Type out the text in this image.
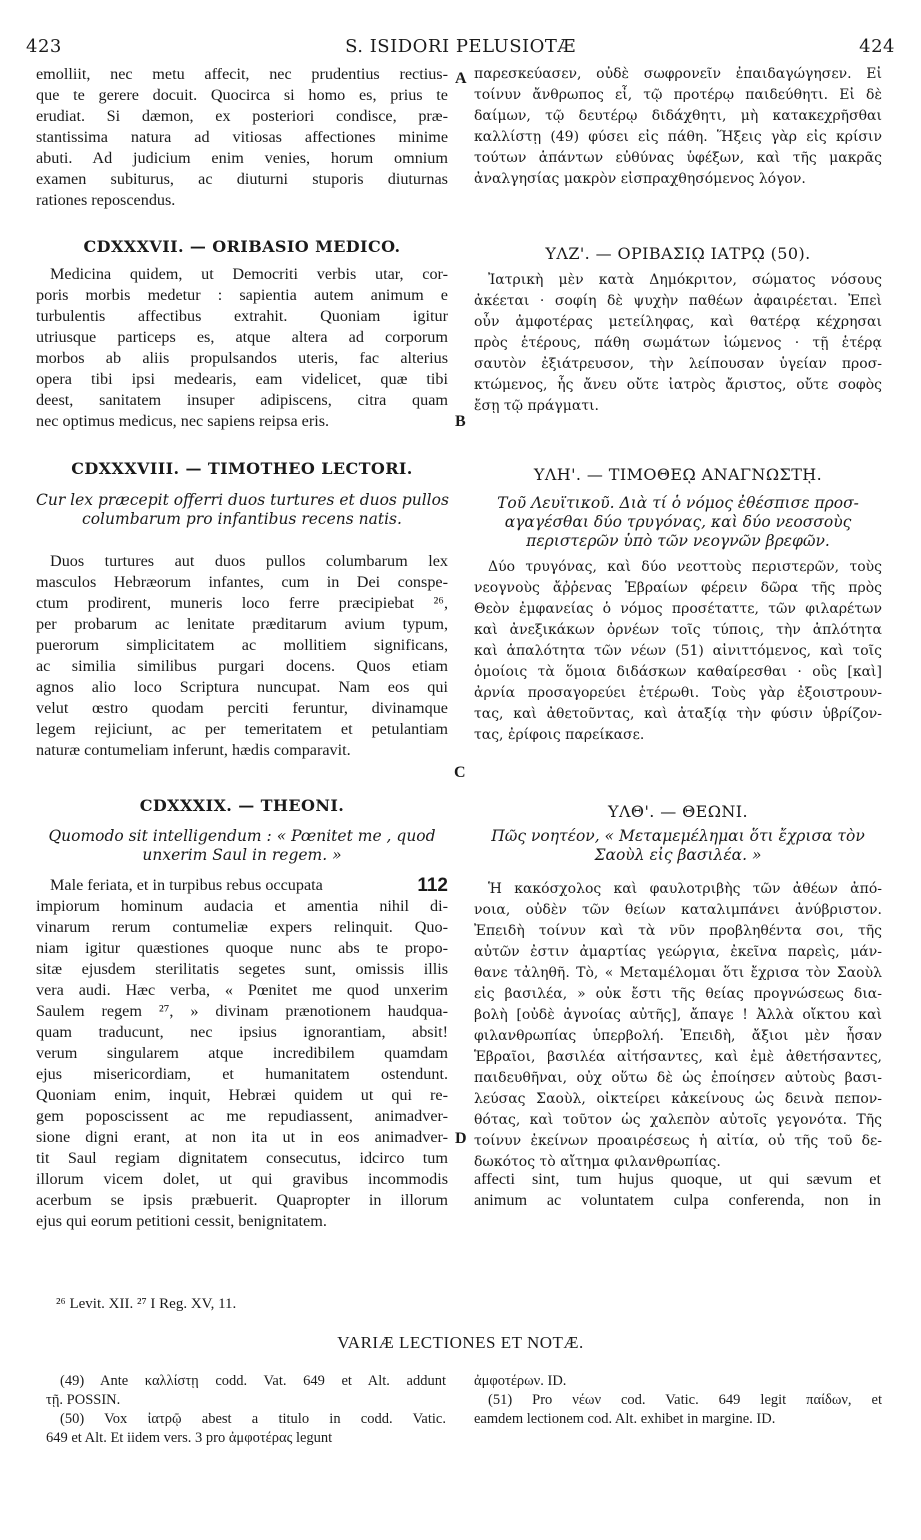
423	S. ISIDORI PELUSIOTÆ	424
A
B
C
D

emolliit, nec metu affecit, nec prudentius rectius-

que te gerere docuit. Quocirca si homo es, prius te

erudiat. Si dæmon, ex posteriori condisce, præ-

stantissima natura ad vitiosas affectiones minime

abuti. Ad judicium enim venies, horum omnium

examen subiturus, ac diuturni stuporis diuturnas

rationes reposcendus.

CDXXXVII. — ORIBASIO MEDICO.

Medicina quidem, ut Democriti verbis utar, cor-

poris morbis medetur : sapientia autem animum e

turbulentis affectibus extrahit. Quoniam igitur

utriusque particeps es, atque altera ad corporum

morbos ab aliis propulsandos uteris, fac alterius

opera tibi ipsi medearis, eam videlicet, quæ tibi

deest, sanitatem insuper adipiscens, citra quam

nec optimus medicus, nec sapiens reipsa eris.

CDXXXVIII. — TIMOTHEO LECTORI.
Cur lex præcepit offerri duos turtures et duos pullos
columbarum pro infantibus recens natis.

Duos turtures aut duos pullos columbarum lex

masculos Hebræorum infantes, cum in Dei conspe-

ctum prodirent, muneris loco ferre præcipiebat ²⁶,

per probarum ac lenitate præditarum avium typum,

puerorum simplicitatem ac mollitiem significans,

ac similia similibus purgari docens. Quos etiam

agnos alio loco Scriptura nuncupat. Nam eos qui

velut œstro quodam perciti feruntur, divinamque

legem rejiciunt, ac per temeritatem et petulantiam

naturæ contumeliam inferunt, hædis comparavit.

CDXXXIX. — THEONI.
Quomodo sit intelligendum : « Pœnitet me , quod
unxerim Saul in regem. »

Male feriata, et in turpibus rebus occupata	112

impiorum hominum audacia et amentia nihil di-

vinarum rerum contumeliæ expers relinquit. Quo-

niam igitur quæstiones quoque nunc abs te propo-

sitæ ejusdem sterilitatis segetes sunt, omissis illis

vera audi. Hæc verba, « Pœnitet me quod unxerim

Saulem regem ²⁷, » divinam prænotionem haudqua-

quam traducunt, nec ipsius ignorantiam, absit!

verum singularem atque incredibilem quamdam

ejus misericordiam, et humanitatem ostendunt.

Quoniam enim, inquit, Hebræi quidem ut qui re-

gem poposcissent ac me repudiassent, animadver-

sione digni erant, at non ita ut in eos animadver-

tit Saul regiam dignitatem consecutus, idcirco tum

illorum vicem dolet, ut qui gravibus incommodis affecti sint, tum hujus quoque, ut qui sævum et
acerbum se ipsis præbuerit. Quapropter in illorum animum ac voluntatem culpa conferenda, non in

ejus qui eorum petitioni cessit, benignitatem.

παρεσκεύασεν, οὐδὲ σωφρονεῖν ἐπαιδαγώγησεν. Εἰ

τοίνυν ἄνθρωπος εἶ, τῷ προτέρῳ παιδεύθητι. Εἰ δὲ

δαίμων, τῷ δευτέρῳ διδάχθητι, μὴ κατακεχρῆσθαι

καλλίστῃ (49) φύσει εἰς πάθη. Ἥξεις γὰρ εἰς κρίσιν

τούτων ἁπάντων εὐθύνας ὑφέξων, καὶ τῆς μακρᾶς

ἀναλγησίας μακρὸν εἰσπραχθησόμενος λόγον.

ΥΛΖ'. — ΟΡΙΒΑΣΙῼ ΙΑΤΡῼ (50).

Ἰατρικὴ μὲν κατὰ Δημόκριτον, σώματος νόσους

ἀκέεται · σοφίη δὲ ψυχὴν παθέων ἀφαιρέεται. Ἐπεὶ

οὖν ἀμφοτέρας μετείληφας, καὶ θατέρᾳ κέχρησαι

πρὸς ἑτέρους, πάθη σωμάτων ἰώμενος · τῇ ἑτέρᾳ

σαυτὸν ἐξιάτρευσον, τὴν λείπουσαν ὑγείαν προσ-

κτώμενος, ἧς ἄνευ οὔτε ἰατρὸς ἄριστος, οὔτε σοφὸς

ἔσῃ τῷ πράγματι.

ΥΛΗ'. — ΤΙΜΟΘΕῼ ΑΝΑΓΝΩΣΤῌ.
Τοῦ Λευϊτικοῦ. Διὰ τί ὁ νόμος ἐθέσπισε προσ-
αγαγέσθαι δύο τρυγόνας, καὶ δύο νεοσσοὺς
περιστερῶν ὑπὸ τῶν νεογνῶν βρεφῶν.

Δύο τρυγόνας, καὶ δύο νεοττοὺς περιστερῶν, τοὺς

νεογνοὺς ἄῤῥενας Ἑβραίων φέρειν δῶρα τῆς πρὸς

Θεὸν ἐμφανείας ὁ νόμος προσέταττε, τῶν φιλαρέτων

καὶ ἀνεξικάκων ὀρνέων τοῖς τύποις, τὴν ἁπλότητα

καὶ ἁπαλότητα τῶν νέων (51) αἰνιττόμενος, καὶ τοῖς

ὁμοίοις τὰ ὅμοια διδάσκων καθαίρεσθαι · οὓς [καὶ]

ἀρνία προσαγορεύει ἑτέρωθι. Τοὺς γὰρ ἐξοιστρουν-

τας, καὶ ἀθετοῦντας, καὶ ἀταξίᾳ τὴν φύσιν ὑβρίζον-

τας, ἐρίφοις παρείκασε.

ΥΛΘ'. — ΘΕΩΝΙ.
Πῶς νοητέον, « Μεταμεμέλημαι ὅτι ἔχρισα τὸν
Σαοὺλ εἰς βασιλέα. »

Ἡ κακόσχολος καὶ φαυλοτριβὴς τῶν ἀθέων ἀπό-

νοια, οὐδὲν τῶν θείων καταλιμπάνει ἀνύβριστον.

Ἐπειδὴ τοίνυν καὶ τὰ νῦν προβληθέντα σοι, τῆς

αὐτῶν ἐστιν ἀμαρτίας γεώργια, ἐκεῖνα παρεὶς, μάν-

θανε τἀληθῆ. Τὸ, « Μεταμέλομαι ὅτι ἔχρισα τὸν Σαοὺλ

εἰς βασιλέα, » οὐκ ἔστι τῆς θείας προγνώσεως δια-

βολὴ [οὐδὲ ἀγνοίας αὐτῆς], ἄπαγε ! Ἀλλὰ οἴκτου καὶ

φιλανθρωπίας ὑπερβολή. Ἐπειδὴ, ἄξιοι μὲν ἦσαν

Ἑβραῖοι, βασιλέα αἰτήσαντες, καὶ ἐμὲ ἀθετήσαντες,

παιδευθῆναι, οὐχ οὕτω δὲ ὡς ἐποίησεν αὐτοὺς βασι-

λεύσας Σαοὺλ, οἰκτείρει κἀκείνους ὡς δεινὰ πεπον-

θότας, καὶ τοῦτον ὡς χαλεπὸν αὐτοῖς γεγονότα. Τῆς

τοίνυν ἐκείνων προαιρέσεως ἡ αἰτία, οὐ τῆς τοῦ δε-

δωκότος τὸ αἴτημα φιλανθρωπίας.

²⁶ Levit. XII. ²⁷ I Reg. XV, 11.
VARIÆ LECTIONES ET NOTÆ.

(49) Ante καλλίστῃ codd. Vat. 649 et Alt. addunt

τῇ. POSSIN.

(50) Vox ἰατρῷ abest a titulo in codd. Vatic.

649 et Alt. Et iidem vers. 3 pro ἀμφοτέρας legunt

ἀμφοτέρων. ID.

(51) Pro νέων cod. Vatic. 649 legit παίδων, et

eamdem lectionem cod. Alt. exhibet in margine. ID.
